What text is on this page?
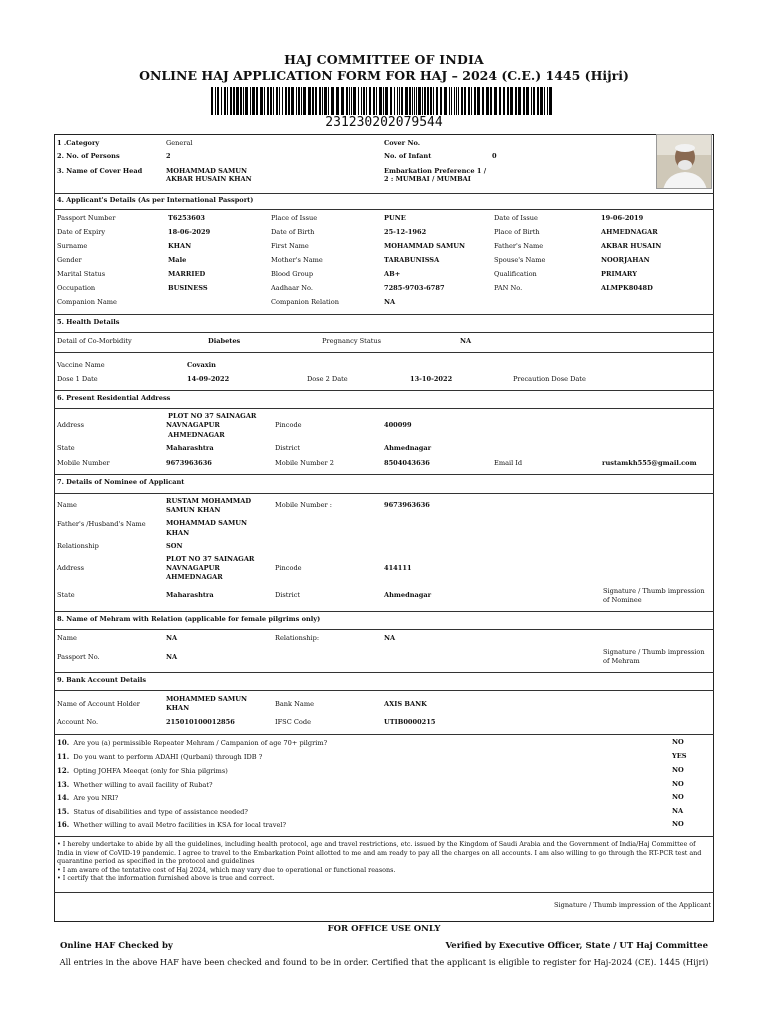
HAJ COMMITTEE OF INDIA
ONLINE HAJ APPLICATION FORM FOR HAJ – 2024 (C.E.) 1445 (Hijri)
231230202079544
1 .Category	General	Cover No.
2. No. of Persons	2	No. of Infant	0
3. Name of Cover Head	MOHAMMAD SAMUN
AKBAR HUSAIN KHAN
Embarkation Preference 1 /
2 : MUMBAI / MUMBAI
4. Applicant's Details (As per International Passport)
Passport Number	T6253603	Place of Issue	PUNE	Date of Issue	19-06-2019
Date of Expiry	18-06-2029	Date of Birth	25-12-1962	Place of Birth	AHMEDNAGAR
Surname	KHAN	First Name	MOHAMMAD SAMUN	Father's Name	AKBAR HUSAIN
Gender	Male	Mother's Name	TARABUNISSA	Spouse's Name	NOORJAHAN
Marital Status	MARRIED	Blood Group	AB+	Qualification	PRIMARY
Occupation	BUSINESS	Aadhaar No.	7285-9703-6787	PAN No.	ALMPK8048D
Companion Name	Companion Relation	NA
5. Health Details
Detail of Co-Morbidity	Diabetes	Pregnancy Status	NA
Vaccine Name	Covaxin
Dose 1 Date	14-09-2022	Dose 2 Date	13-10-2022	Precaution Dose Date
6. Present Residential Address
PLOT NO 37 SAINAGAR
Address	NAVNAGAPUR
AHMEDNAGAR
Pincode	400099
State	Maharashtra	District	Ahmednagar
Mobile Number	9673963636	Mobile Number 2	8504043636	Email Id	rustamkh555@gmail.com
7. Details of Nominee of Applicant
RUSTAM MOHAMMAD
SAMUN KHAN
Name	Mobile Number :	9673963636
Father's /Husband's Name	MOHAMMAD SAMUN
KHAN
Relationship	SON
PLOT NO 37 SAINAGAR
NAVNAGAPUR
AHMEDNAGAR
Address	Pincode	414111
State	Maharashtra	District	Ahmednagar	Signature / Thumb impression
of Nominee
8. Name of Mehram with Relation (applicable for female pilgrims only)
Name	NA	Relationship:	NA
Passport No.	NA
Signature / Thumb impression
of Mehram
9. Bank Account Details
MOHAMMED SAMUN
KHAN
Name of Account Holder	Bank Name	AXIS BANK
Account No.	215010100012856	IFSC Code	UTIB0000215
10. Are you (a) permissible Repeater Mehram / Campanion of age 70+ pilgrim?	NO
11. Do you want to perform ADAHI (Qurbani) through IDB ?	YES
12. Opting JOHFA Meeqat (only for Shia pilgrims)	NO
13. Whether willing to avail facility of Rubat?	NO
14. Are you NRI?	NO
15. Status of disabilities and type of assistance needed?	NA
16. Whether willing to avail Metro facilities in KSA for local travel?	NO
• I hereby undertake to abide by all the guidelines, including health protocol, age and travel restrictions, etc. issued by the Kingdom of Saudi Arabia and the Government of India/Haj Committee of India in view of CoVID-19 pandemic. I agree to travel to the Embarkation Point allotted to me and am ready to pay all the charges on all accounts. I am also willing to go through the RT-PCR test and quarantine period as specified in the protocol and guidelines
• I am aware of the tentative cost of Haj 2024, which may vary due to operational or functional reasons.
• I certify that the information furnished above is true and correct.
Signature / Thumb impression of the Applicant
FOR OFFICE USE ONLY
Online HAF Checked by	Verified by Executive Officer, State / UT Haj Committee
All entries in the above HAF have been checked and found to be in order. Certified that the applicant is eligible to register for Haj-2024 (CE). 1445 (Hijri)
